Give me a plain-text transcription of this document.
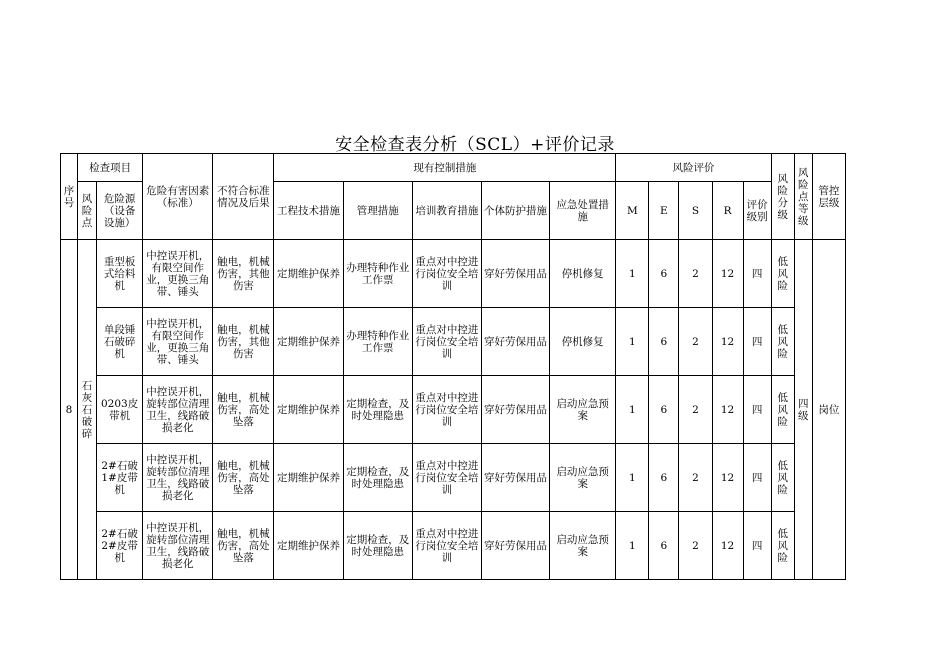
安全检查表分析（SCL）+评价记录
序号	检查项目		危险有害因素（标准）	不符合标准情况及后果	现有控制措施					风险评价					风险分级	风险点等级	管控层级
	风险点	危险源（设备设施）			工程技术措施	管理措施	培训教育措施	个体防护措施	应急处置措施	M	E	S	R	评价级别			
8	石灰石破碎	重型板式给料机	中控误开机，有限空间作业，更换三角带、锤头	触电，机械伤害，其他伤害	定期维护保养	办理特种作业工作票	重点对中控进行岗位安全培训	穿好劳保用品	停机修复	1	6	2	12	四	低风险	四级	岗位
		单段锤石破碎机	中控误开机，有限空间作业，更换三角带、锤头	触电，机械伤害，其他伤害	定期维护保养	办理特种作业工作票	重点对中控进行岗位安全培训	穿好劳保用品	停机修复	1	6	2	12	四	低风险		
		0203皮带机	中控误开机，旋转部位清理卫生，线路破损老化	触电，机械伤害，高处坠落	定期维护保养	定期检查，及时处理隐患	重点对中控进行岗位安全培训	穿好劳保用品	启动应急预案	1	6	2	12	四	低风险		
		2#石破1#皮带机	中控误开机，旋转部位清理卫生，线路破损老化	触电，机械伤害，高处坠落	定期维护保养	定期检查，及时处理隐患	重点对中控进行岗位安全培训	穿好劳保用品	启动应急预案	1	6	2	12	四	低风险		
		2#石破2#皮带机	中控误开机，旋转部位清理卫生，线路破损老化	触电，机械伤害，高处坠落	定期维护保养	定期检查，及时处理隐患	重点对中控进行岗位安全培训	穿好劳保用品	启动应急预案	1	6	2	12	四	低风险		
